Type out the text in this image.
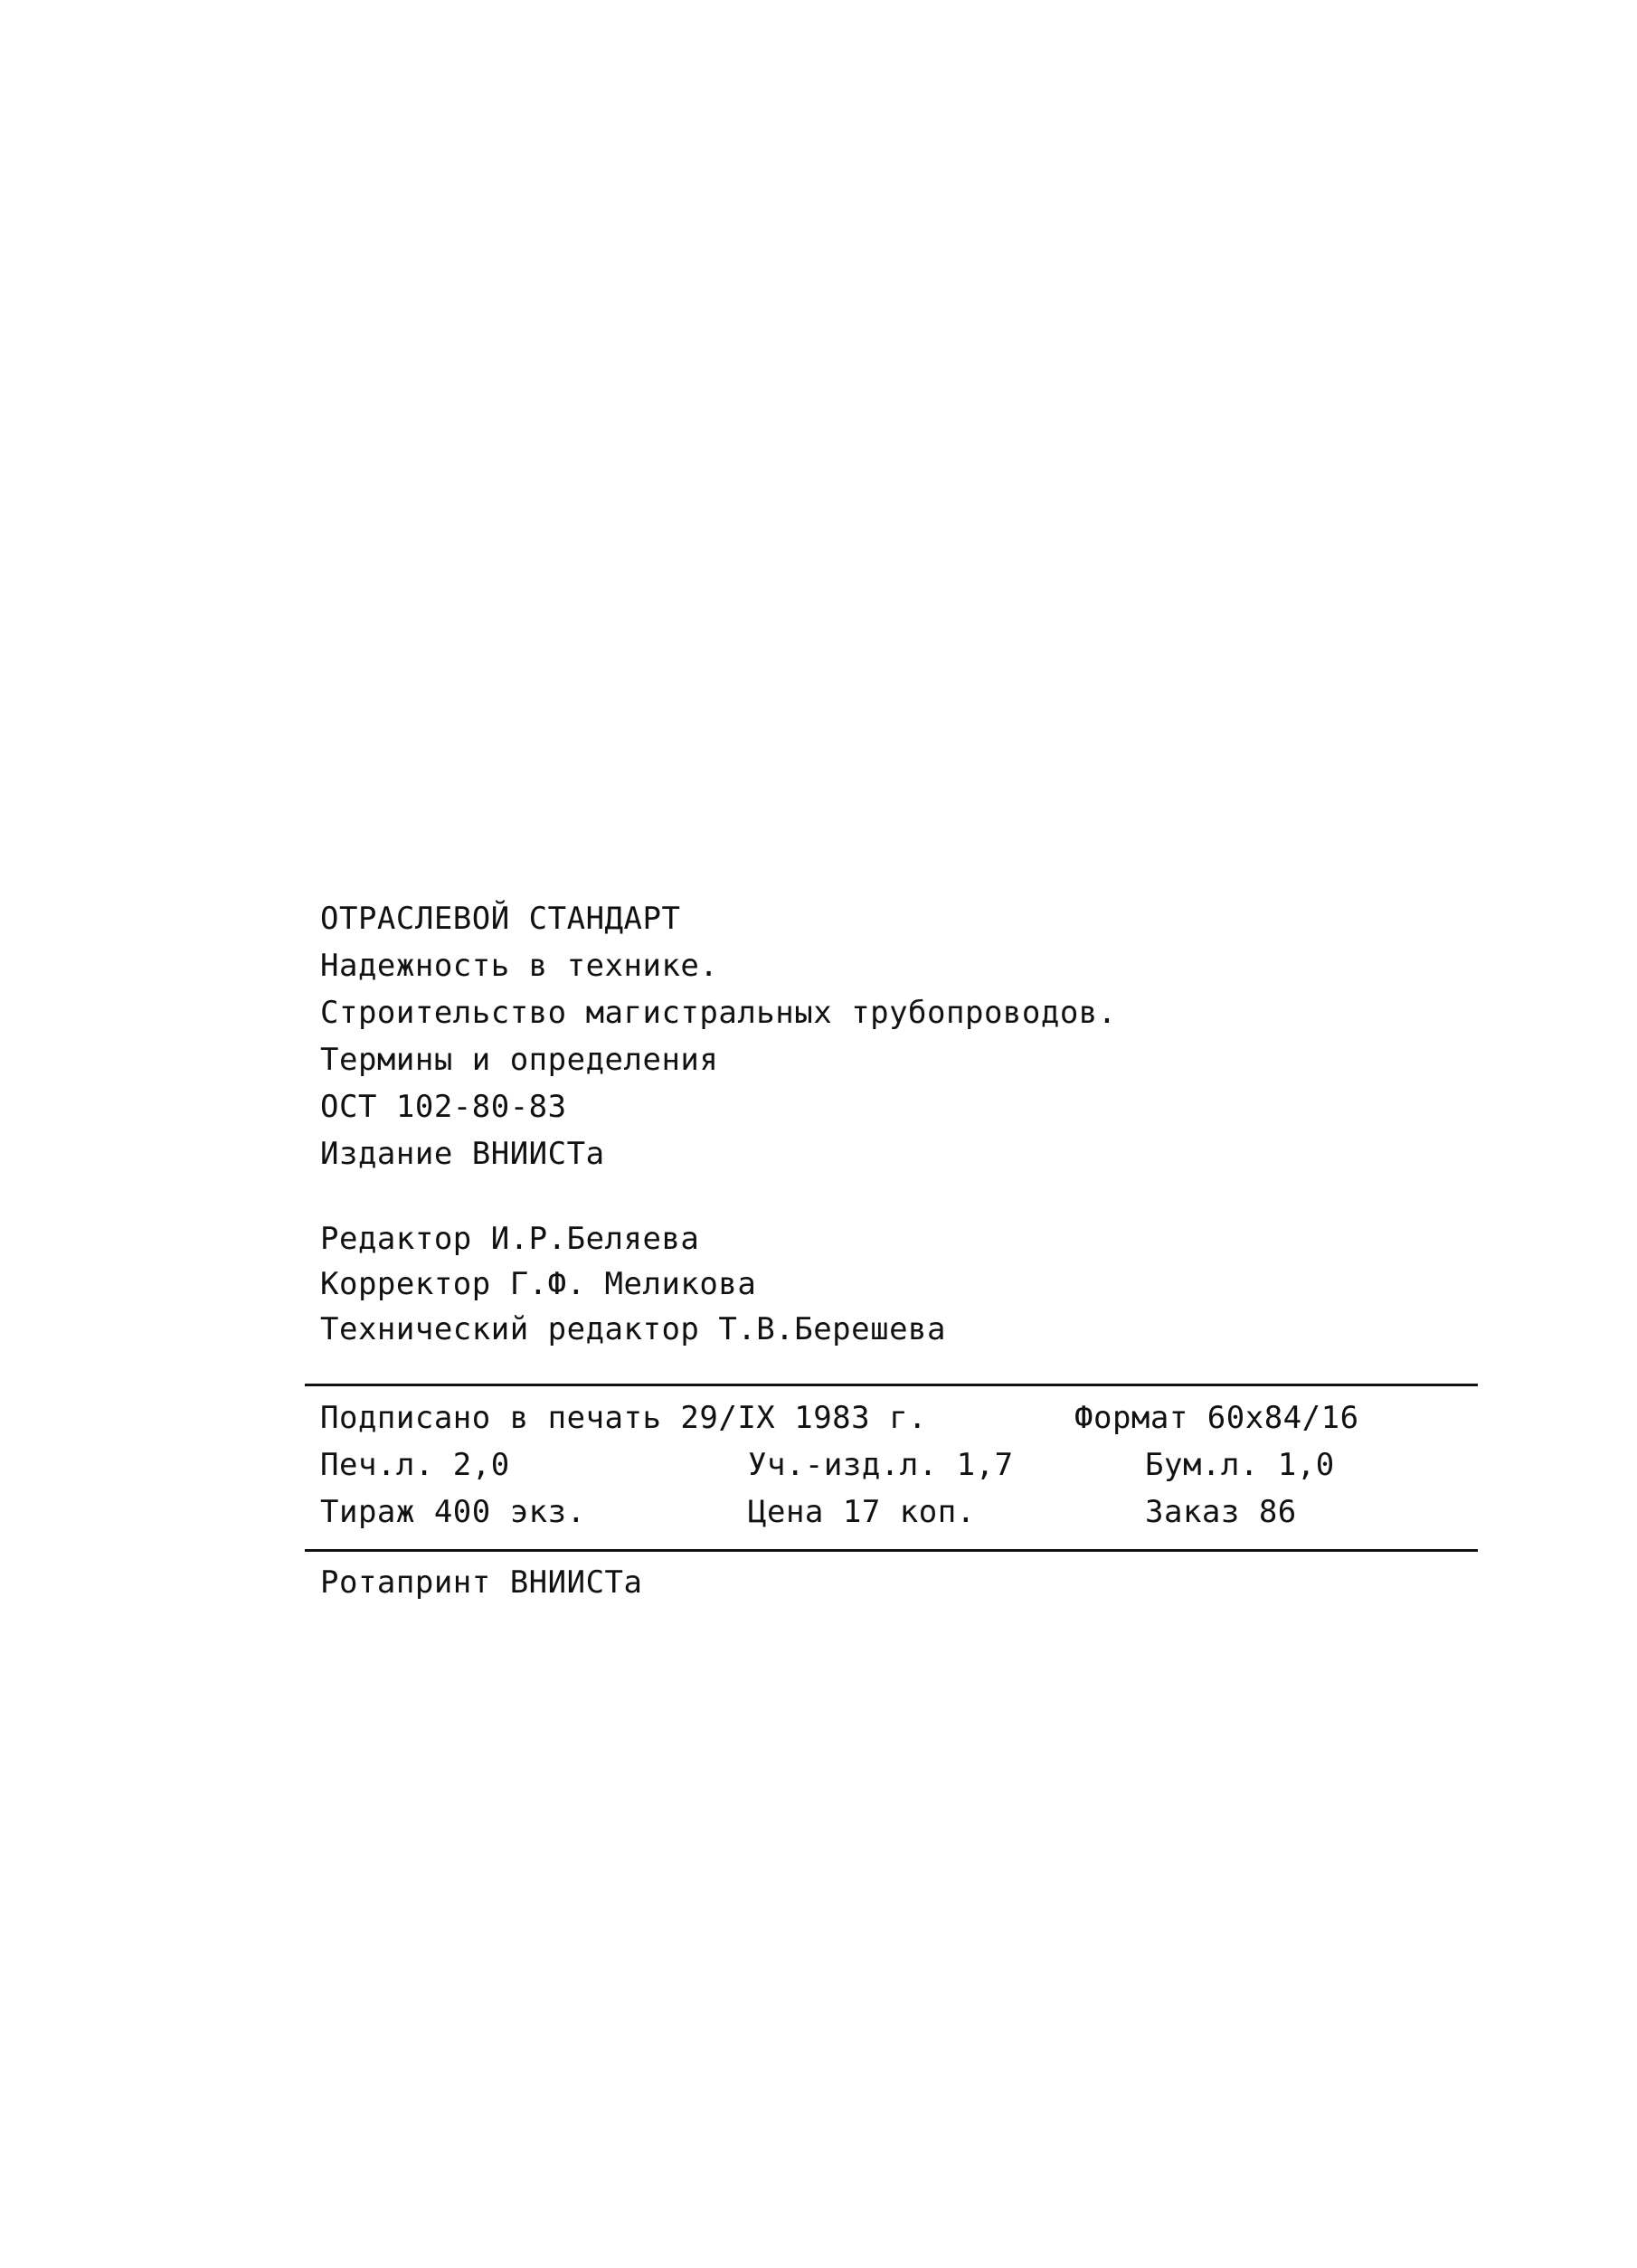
ОТРАСЛЕВОЙ СТАНДАРТ
Надежность в технике.
Строительство магистральных трубопроводов.
Термины и определения
ОСТ 102-80-83
Издание ВНИИСТа
Редактор И.Р.Беляева
Корректор Г.Ф. Меликова
Технический редактор Т.В.Берешева
Подписано в печать 29/IX 1983 г.	Формат 60x84/16
Печ.л. 2,0	Уч.-изд.л. 1,7	Бум.л. 1,0
Тираж 400 экз.	Цена 17 коп.	Заказ 86
Ротапринт ВНИИСТа
